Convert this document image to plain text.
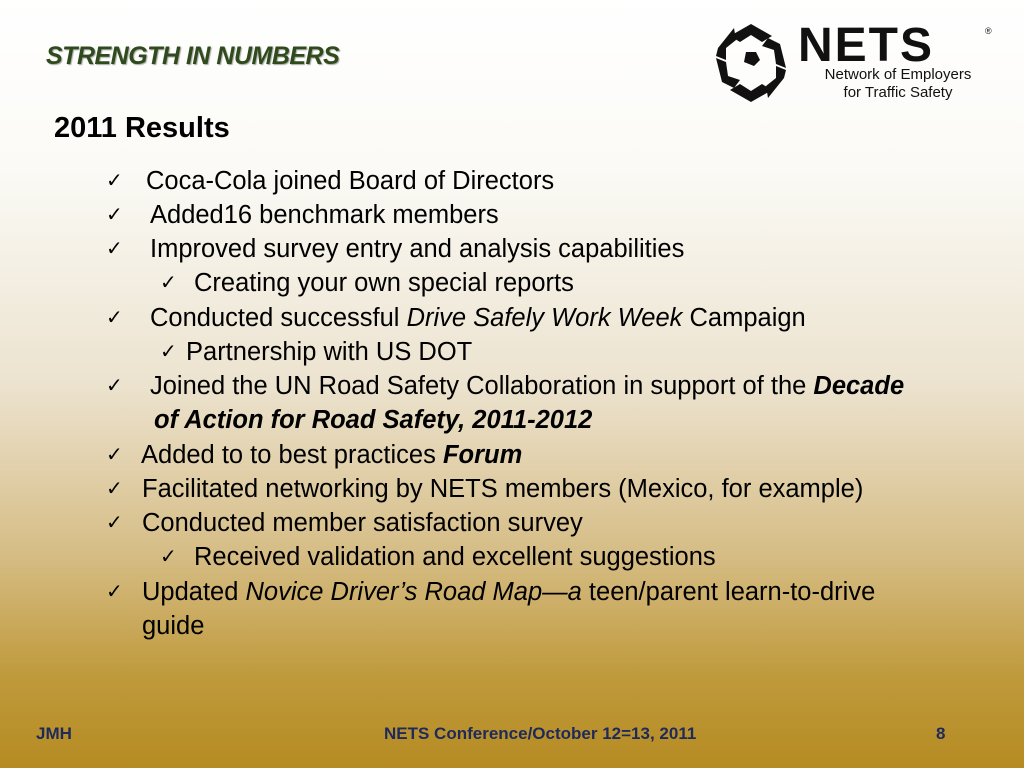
STRENGTH IN NUMBERS	NETS	®
Network of Employers
for Traffic Safety
2011 Results
✓ Coca-Cola joined Board of Directors
✓ Added16 benchmark members
✓ Improved survey entry and analysis capabilities
✓ Creating your own special reports
✓ Conducted successful Drive Safely Work Week Campaign
✓ Partnership with US DOT
✓ Joined the UN Road Safety Collaboration in support of the Decade
of Action for Road Safety, 2011-2012
✓ Added to to best practices Forum
✓ Facilitated networking by NETS members (Mexico, for example)
✓ Conducted member satisfaction survey
✓ Received validation and excellent suggestions
✓ Updated Novice Driver’s Road Map—a teen/parent learn-to-drive
guide
JMH	NETS Conference/October 12=13, 2011	8
